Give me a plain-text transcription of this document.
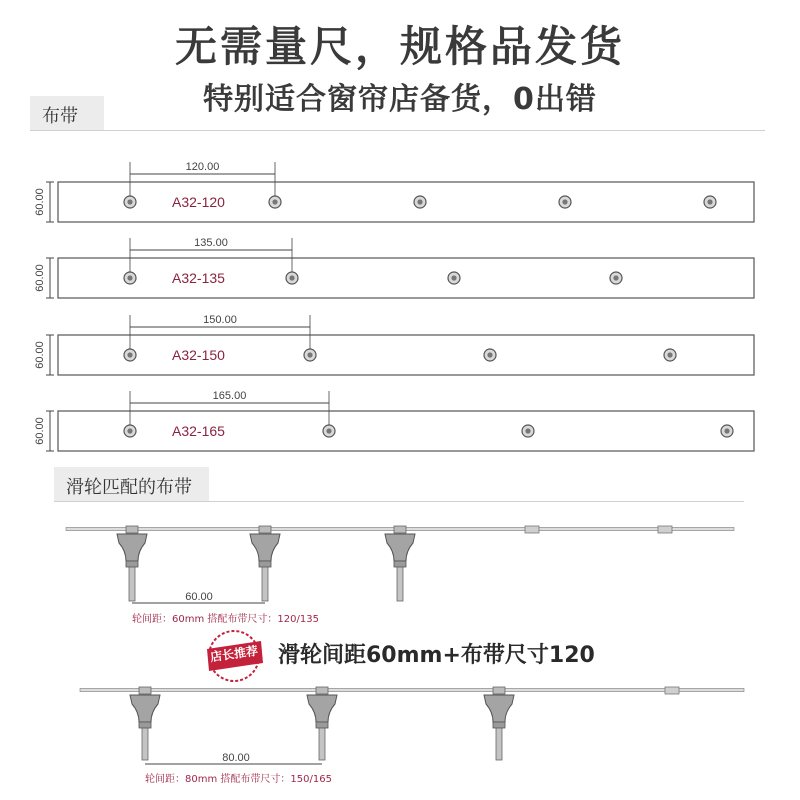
无需量尺，规格品发货
特别适合窗帘店备货，0出错
布带
60.00
120.00
A32-120
60.00
135.00
A32-135
60.00
150.00
A32-150
60.00
165.00
A32-165
60.00
轮间距：60mm 搭配布带尺寸：120/135
80.00
轮间距：80mm 搭配布带尺寸：150/165
滑轮匹配的布带
店长推荐 滑轮间距60mm+布带尺寸120
